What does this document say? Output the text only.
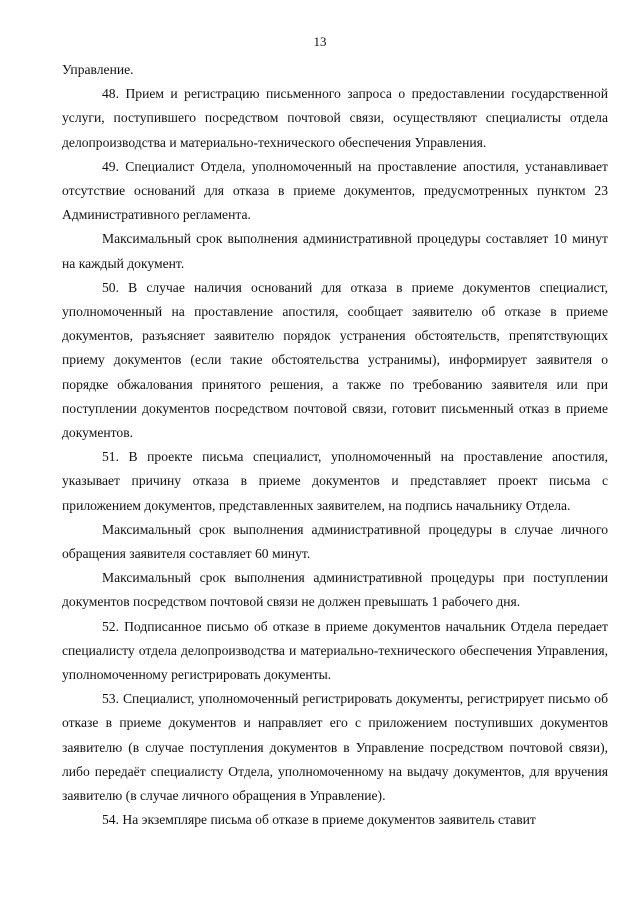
13

Управление.

48. Прием и регистрацию письменного запроса о предоставлении государственной услуги, поступившего посредством почтовой связи, осуществляют специалисты отдела делопроизводства и материально-технического обеспечения Управления.

49. Специалист Отдела, уполномоченный на проставление апостиля, устанавливает отсутствие оснований для отказа в приеме документов, предусмотренных пунктом 23 Административного регламента.

Максимальный срок выполнения административной процедуры составляет 10 минут на каждый документ.

50. В случае наличия оснований для отказа в приеме документов специалист, уполномоченный на проставление апостиля, сообщает заявителю об отказе в приеме документов, разъясняет заявителю порядок устранения обстоятельств, препятствующих приему документов (если такие обстоятельства устранимы), информирует заявителя о порядке обжалования принятого решения, а также по требованию заявителя или при поступлении документов посредством почтовой связи, готовит письменный отказ в приеме документов.

51. В проекте письма специалист, уполномоченный на проставление апостиля, указывает причину отказа в приеме документов и представляет проект письма с приложением документов, представленных заявителем, на подпись начальнику Отдела.

Максимальный срок выполнения административной процедуры в случае личного обращения заявителя составляет 60 минут.

Максимальный срок выполнения административной процедуры при поступлении документов посредством почтовой связи не должен превышать 1 рабочего дня.

52. Подписанное письмо об отказе в приеме документов начальник Отдела передает специалисту отдела делопроизводства и материально-технического обеспечения Управления, уполномоченному регистрировать документы.

53. Специалист, уполномоченный регистрировать документы, регистрирует письмо об отказе в приеме документов и направляет его с приложением поступивших документов заявителю (в случае поступления документов в Управление посредством почтовой связи), либо передаёт специалисту Отдела, уполномоченному на выдачу документов, для вручения заявителю (в случае личного обращения в Управление).

54. На экземпляре письма об отказе в приеме документов заявитель ставит
